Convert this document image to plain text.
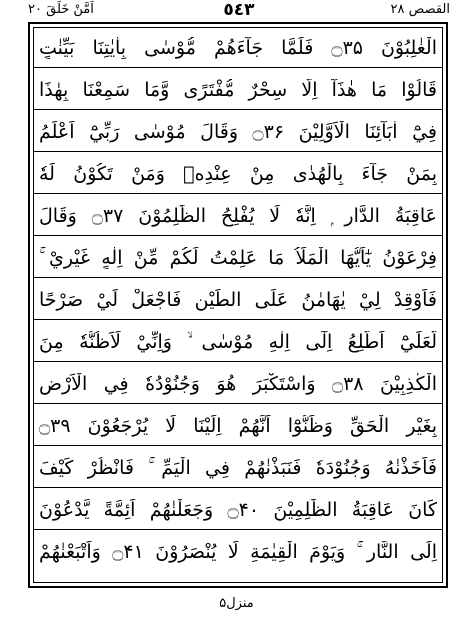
اَمَّنْ خَلَقَ ٢٠	٥٤٣	القصص ٢٨
الْغٰلِبُوْنَ ۝۳۵ فَلَمَّا جَآءَهُمْ مُّوْسٰى بِاٰيٰتِنَا بَيِّنٰتٍ
قَالُوْا مَا هٰذَآ اِلَّا سِحْرٌ مُّفْتَرًى وَّمَا سَمِعْنَا بِهٰذَا
فِيْٓ اٰبَآئِنَا الْاَوَّلِيْنَ ۝۳۶ وَقَالَ مُوْسٰى رَبِّيْٓ اَعْلَمُ
بِمَنْ جَآءَ بِالْهُدٰى مِنْ عِنْدِهٖ وَمَنْ تَكُوْنُ لَهٗ
عَاقِبَةُ الدَّارِ ۭ اِنَّهٗ لَا يُفْلِحُ الظّٰلِمُوْنَ ۝۳۷ وَقَالَ
فِرْعَوْنُ يٰٓاَيُّهَا الْمَلَاُ مَا عَلِمْتُ لَكُمْ مِّنْ اِلٰهٍ غَيْرِيْ ۚ
فَاَوْقِدْ لِيْ يٰهَامٰنُ عَلَى الطِّيْنِ فَاجْعَلْ لِّيْ صَرْحًا
لَّعَلِّيْٓ اَطَّلِعُ اِلٰٓى اِلٰهِ مُوْسٰى ۙ وَاِنِّيْ لَاَظُنُّهٗ مِنَ
الْكٰذِبِيْنَ ۝۳۸ وَاسْتَكْبَرَ هُوَ وَجُنُوْدُهٗ فِي الْاَرْضِ
بِغَيْرِ الْحَقِّ وَظَنُّوْٓا اَنَّهُمْ اِلَيْنَا لَا يُرْجَعُوْنَ ۝۳۹
فَاَخَذْنٰهُ وَجُنُوْدَهٗ فَنَبَذْنٰهُمْ فِي الْيَمِّ ۚ فَانْظُرْ كَيْفَ
كَانَ عَاقِبَةُ الظّٰلِمِيْنَ ۝۴۰ وَجَعَلْنٰهُمْ اَئِمَّةً يَّدْعُوْنَ
اِلَى النَّارِ ۚ وَيَوْمَ الْقِيٰمَةِ لَا يُنْصَرُوْنَ ۝۴۱ وَاَتْبَعْنٰهُمْ
منزل۵
